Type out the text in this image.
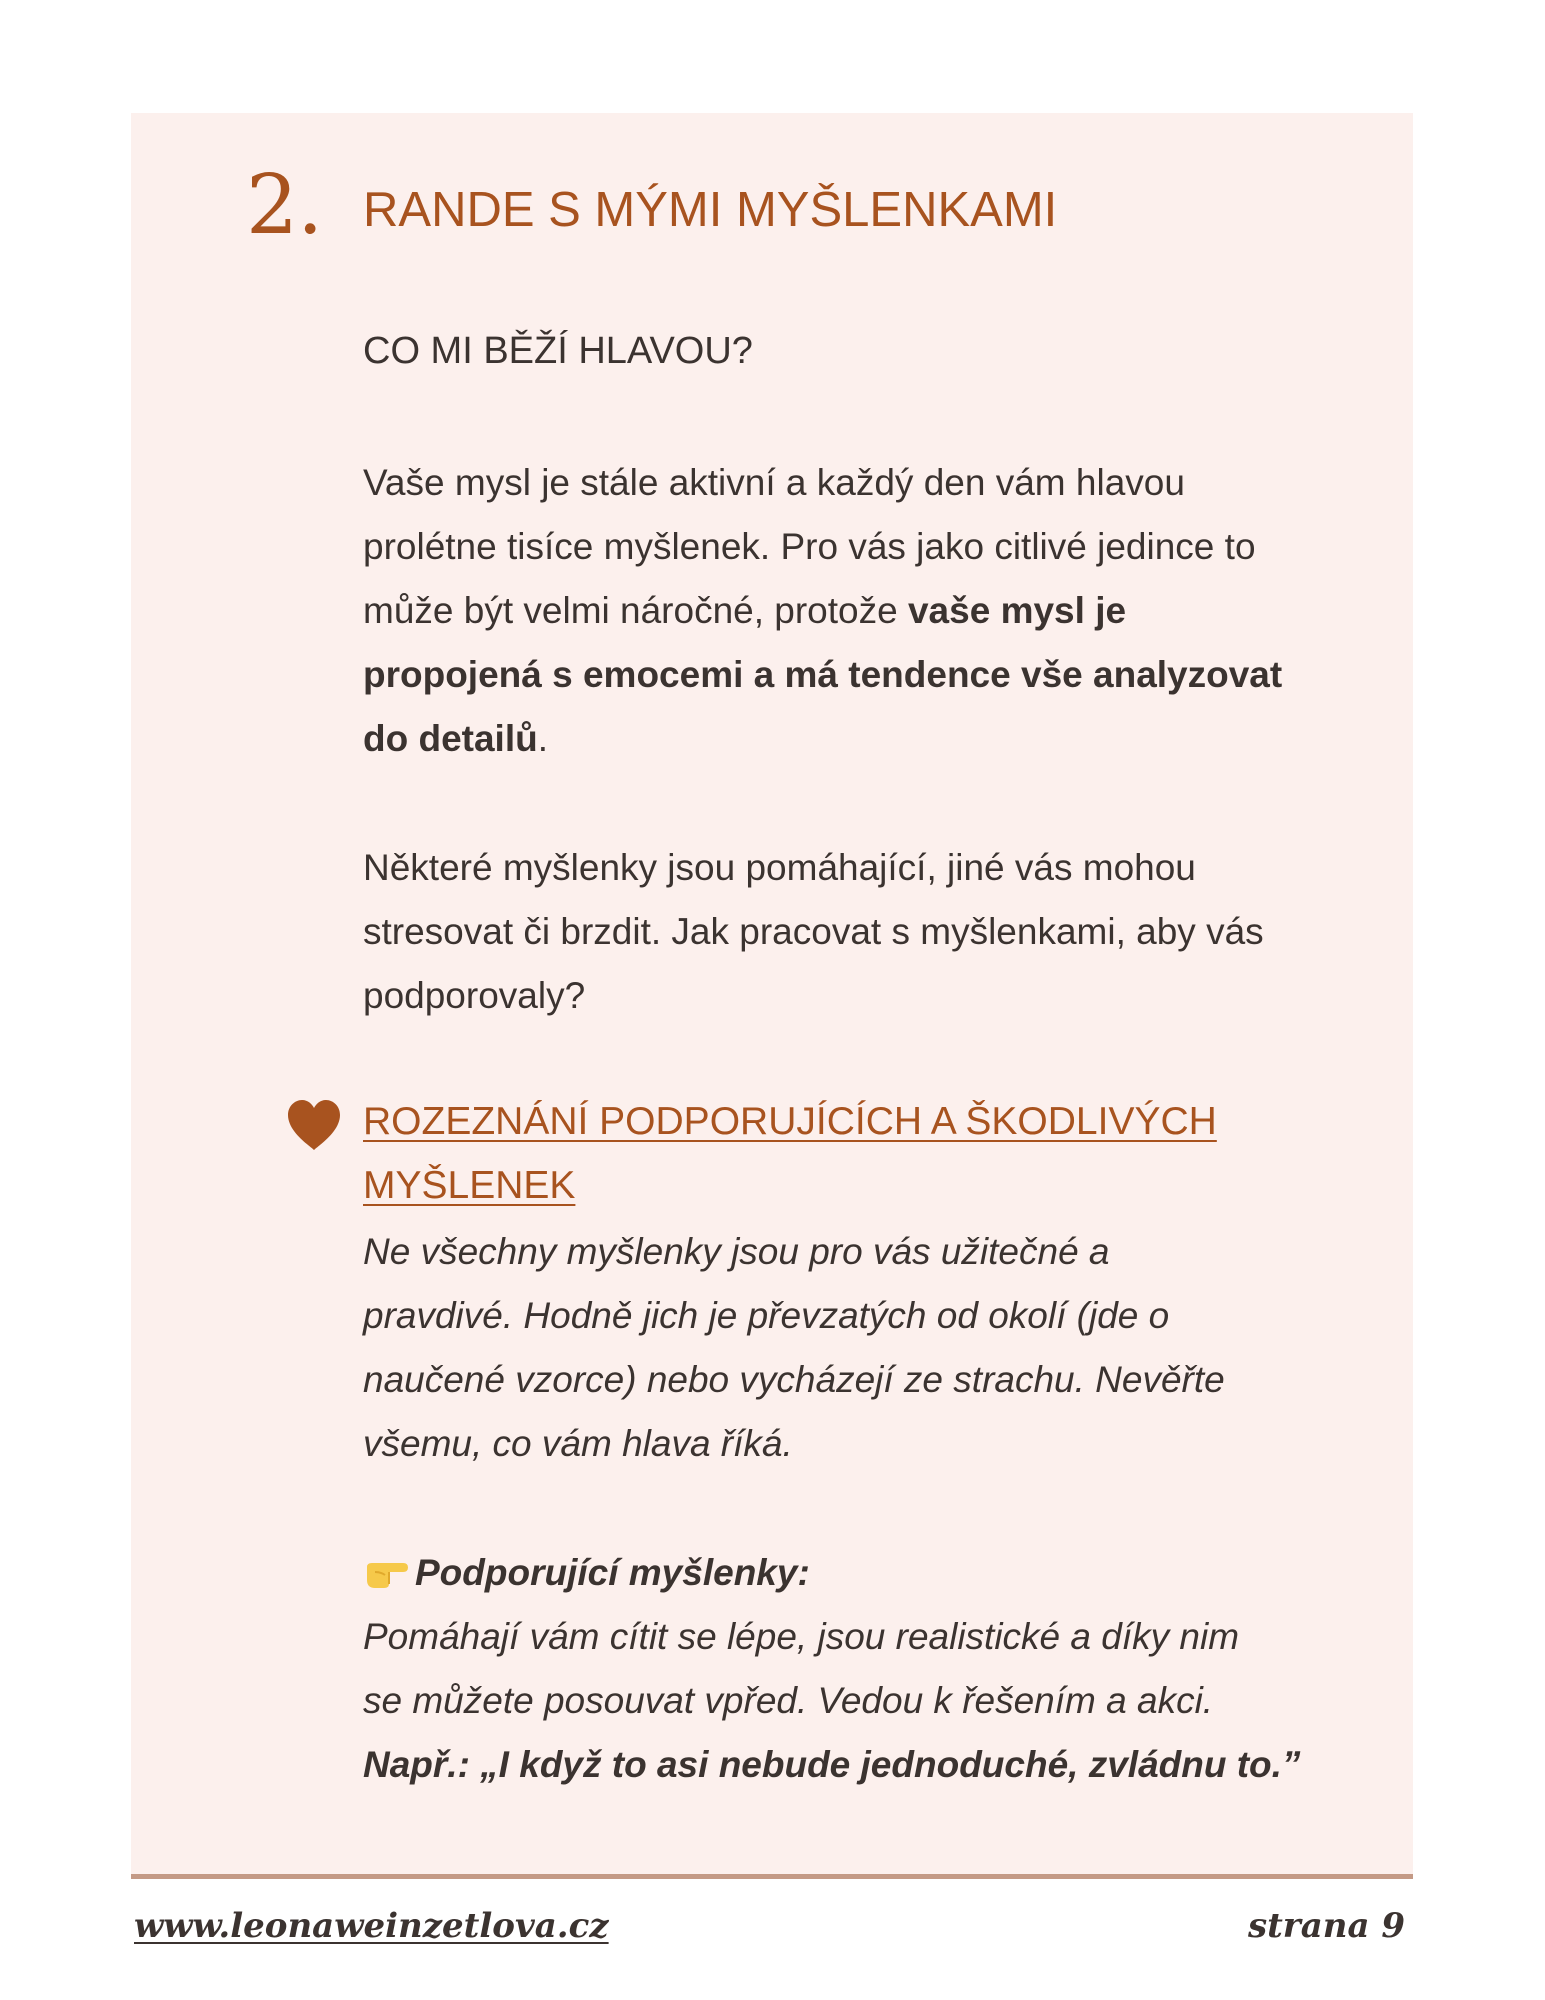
2. RANDE S MÝMI MYŠLENKAMI
CO MI BĚŽÍ HLAVOU?

Vaše mysl je stále aktivní a každý den vám hlavou

prolétne tisíce myšlenek. Pro vás jako citlivé jedince to

může být velmi náročné, protože vaše mysl je

propojená s emocemi a má tendence vše analyzovat

do detailů.

Některé myšlenky jsou pomáhající, jiné vás mohou

stresovat či brzdit. Jak pracovat s myšlenkami, aby vás

podporovaly?

ROZEZNÁNÍ PODPORUJÍCÍCH A ŠKODLIVÝCH
MYŠLENEK
Ne všechny myšlenky jsou pro vás užitečné a
pravdivé. Hodně jich je převzatých od okolí (jde o
naučené vzorce) nebo vycházejí ze strachu. Nevěřte
všemu, co vám hlava říká.
Podporující myšlenky:
Pomáhají vám cítit se lépe, jsou realistické a díky nim
se můžete posouvat vpřed. Vedou k řešením a akci.
Např.: „I když to asi nebude jednoduché, zvládnu to.”
www.leonaweinzetlova.cz	strana 9
